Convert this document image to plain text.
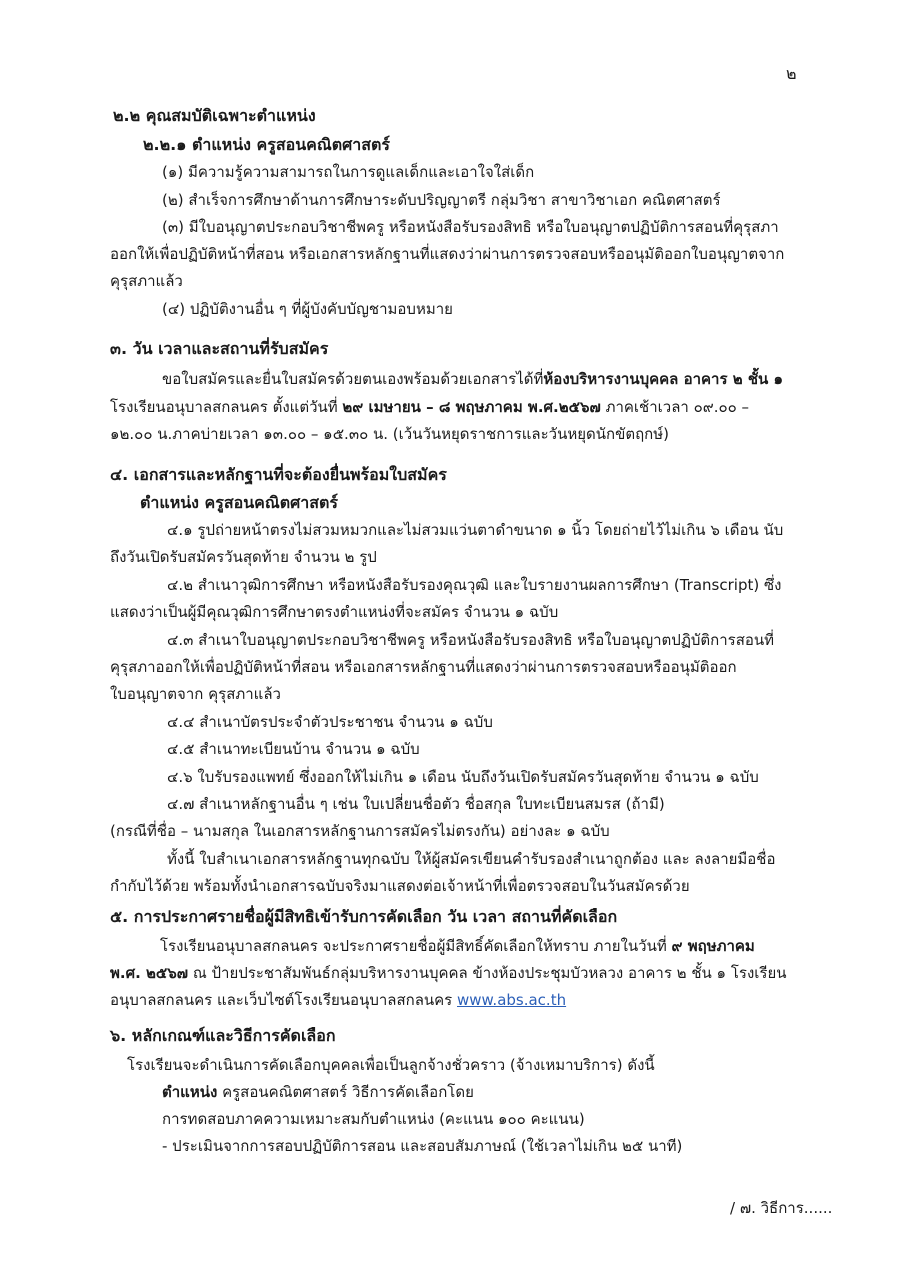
๒

๒.๒ คุณสมบัติเฉพาะตำแหน่ง

๒.๒.๑ ตำแหน่ง ครูสอนคณิตศาสตร์

(๑) มีความรู้ความสามารถในการดูแลเด็กและเอาใจใส่เด็ก

(๒) สำเร็จการศึกษาด้านการศึกษาระดับปริญญาตรี กลุ่มวิชา สาขาวิชาเอก คณิตศาสตร์

(๓) มีใบอนุญาตประกอบวิชาชีพครู หรือหนังสือรับรองสิทธิ หรือใบอนุญาตปฏิบัติการสอนที่คุรุสภา

ออกให้เพื่อปฏิบัติหน้าที่สอน หรือเอกสารหลักฐานที่แสดงว่าผ่านการตรวจสอบหรืออนุมัติออกใบอนุญาตจาก

คุรุสภาแล้ว

(๔) ปฏิบัติงานอื่น ๆ ที่ผู้บังคับบัญชามอบหมาย

๓. วัน เวลาและสถานที่รับสมัคร

ขอใบสมัครและยื่นใบสมัครด้วยตนเองพร้อมด้วยเอกสารได้ที่ห้องบริหารงานบุคคล อาคาร ๒ ชั้น ๑

โรงเรียนอนุบาลสกลนคร ตั้งแต่วันที่ ๒๙ เมษายน – ๘ พฤษภาคม พ.ศ.๒๕๖๗ ภาคเช้าเวลา ๐๙.๐๐ –

๑๒.๐๐ น.ภาคบ่ายเวลา ๑๓.๐๐ – ๑๕.๓๐ น. (เว้นวันหยุดราชการและวันหยุดนักขัตฤกษ์)

๔. เอกสารและหลักฐานที่จะต้องยื่นพร้อมใบสมัคร

ตำแหน่ง ครูสอนคณิตศาสตร์

๔.๑ รูปถ่ายหน้าตรงไม่สวมหมวกและไม่สวมแว่นตาดำขนาด ๑ นิ้ว โดยถ่ายไว้ไม่เกิน ๖ เดือน นับ

ถึงวันเปิดรับสมัครวันสุดท้าย จำนวน ๒ รูป

๔.๒ สำเนาวุฒิการศึกษา หรือหนังสือรับรองคุณวุฒิ และใบรายงานผลการศึกษา (Transcript) ซึ่ง

แสดงว่าเป็นผู้มีคุณวุฒิการศึกษาตรงตำแหน่งที่จะสมัคร จำนวน ๑ ฉบับ

๔.๓ สำเนาใบอนุญาตประกอบวิชาชีพครู หรือหนังสือรับรองสิทธิ หรือใบอนุญาตปฏิบัติการสอนที่

คุรุสภาออกให้เพื่อปฏิบัติหน้าที่สอน หรือเอกสารหลักฐานที่แสดงว่าผ่านการตรวจสอบหรืออนุมัติออก

ใบอนุญาตจาก คุรุสภาแล้ว

๔.๔ สำเนาบัตรประจำตัวประชาชน จำนวน ๑ ฉบับ

๔.๕ สำเนาทะเบียนบ้าน จำนวน ๑ ฉบับ

๔.๖ ใบรับรองแพทย์ ซึ่งออกให้ไม่เกิน ๑ เดือน นับถึงวันเปิดรับสมัครวันสุดท้าย จำนวน ๑ ฉบับ

๔.๗ สำเนาหลักฐานอื่น ๆ เช่น ใบเปลี่ยนชื่อตัว ชื่อสกุล ใบทะเบียนสมรส (ถ้ามี)

(กรณีที่ชื่อ – นามสกุล ในเอกสารหลักฐานการสมัครไม่ตรงกัน) อย่างละ ๑ ฉบับ

ทั้งนี้ ใบสำเนาเอกสารหลักฐานทุกฉบับ ให้ผู้สมัครเขียนคำรับรองสำเนาถูกต้อง และ ลงลายมือชื่อ

กำกับไว้ด้วย พร้อมทั้งนำเอกสารฉบับจริงมาแสดงต่อเจ้าหน้าที่เพื่อตรวจสอบในวันสมัครด้วย

๕. การประกาศรายชื่อผู้มีสิทธิเข้ารับการคัดเลือก วัน เวลา สถานที่คัดเลือก

โรงเรียนอนุบาลสกลนคร จะประกาศรายชื่อผู้มีสิทธิ์คัดเลือกให้ทราบ ภายในวันที่ ๙ พฤษภาคม

พ.ศ. ๒๕๖๗ ณ ป้ายประชาสัมพันธ์กลุ่มบริหารงานบุคคล ข้างห้องประชุมบัวหลวง อาคาร ๒ ชั้น ๑ โรงเรียน

อนุบาลสกลนคร และเว็บไซต์โรงเรียนอนุบาลสกลนคร www.abs.ac.th

๖. หลักเกณฑ์และวิธีการคัดเลือก

โรงเรียนจะดำเนินการคัดเลือกบุคคลเพื่อเป็นลูกจ้างชั่วคราว (จ้างเหมาบริการ) ดังนี้

ตำแหน่ง ครูสอนคณิตศาสตร์ วิธีการคัดเลือกโดย

การทดสอบภาคความเหมาะสมกับตำแหน่ง (คะแนน ๑๐๐ คะแนน)

- ประเมินจากการสอบปฏิบัติการสอน และสอบสัมภาษณ์ (ใช้เวลาไม่เกิน ๒๕ นาที)

/ ๗. วิธีการ......
